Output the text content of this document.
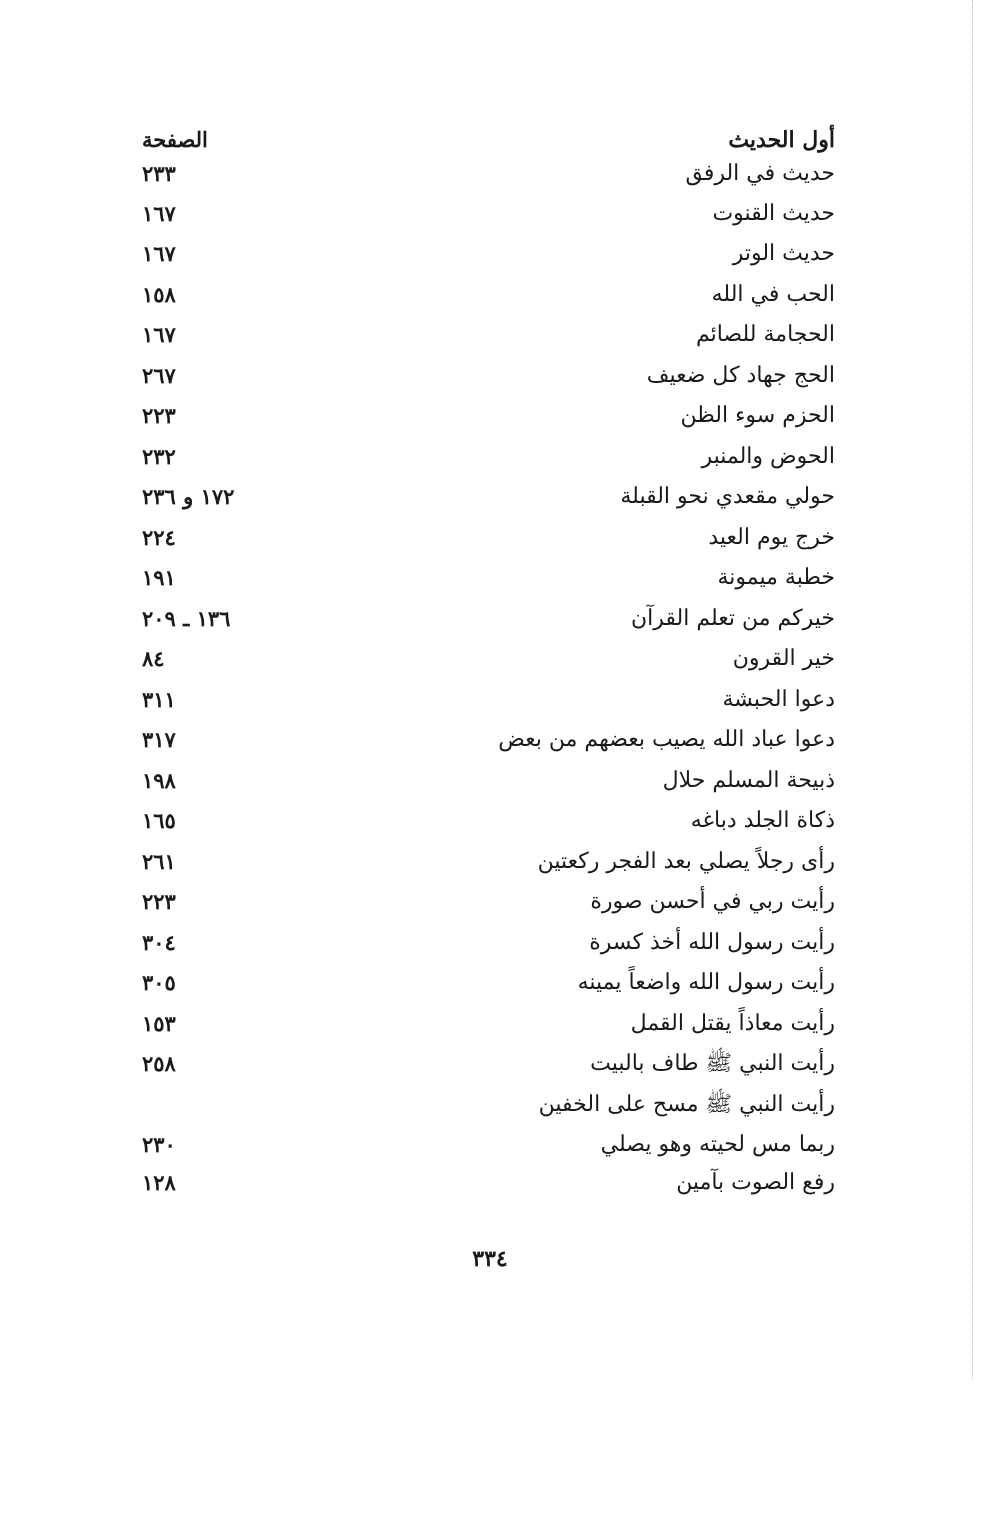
أول الحديث
الصفحة
حديث في الرفق
٢٣٣
حديث القنوت
١٦٧
حديث الوتر
١٦٧
الحب في الله
١٥٨
الحجامة للصائم
١٦٧
الحج جهاد كل ضعيف
٢٦٧
الحزم سوء الظن
٢٢٣
الحوض والمنبر
٢٣٢
حولي مقعدي نحو القبلة
١٧٢ و ٢٣٦
خرج يوم العيد
٢٢٤
خطبة ميمونة
١٩١
خيركم من تعلم القرآن
١٣٦ ـ ٢٠٩
خير القرون
٨٤
دعوا الحبشة
٣١١
دعوا عباد الله يصيب بعضهم من بعض
٣١٧
ذبيحة المسلم حلال
١٩٨
ذكاة الجلد دباغه
١٦٥
رأى رجلاً يصلي بعد الفجر ركعتين
٢٦١
رأيت ربي في أحسن صورة
٢٢٣
رأيت رسول الله أخذ كسرة
٣٠٤
رأيت رسول الله واضعاً يمينه
٣٠٥
رأيت معاذاً يقتل القمل
١٥٣
رأيت النبي ﷺ طاف بالبيت
٢٥٨
رأيت النبي ﷺ مسح على الخفين
ربما مس لحيته وهو يصلي
٢٣٠
رفع الصوت بآمين
١٢٨
٣٣٤
